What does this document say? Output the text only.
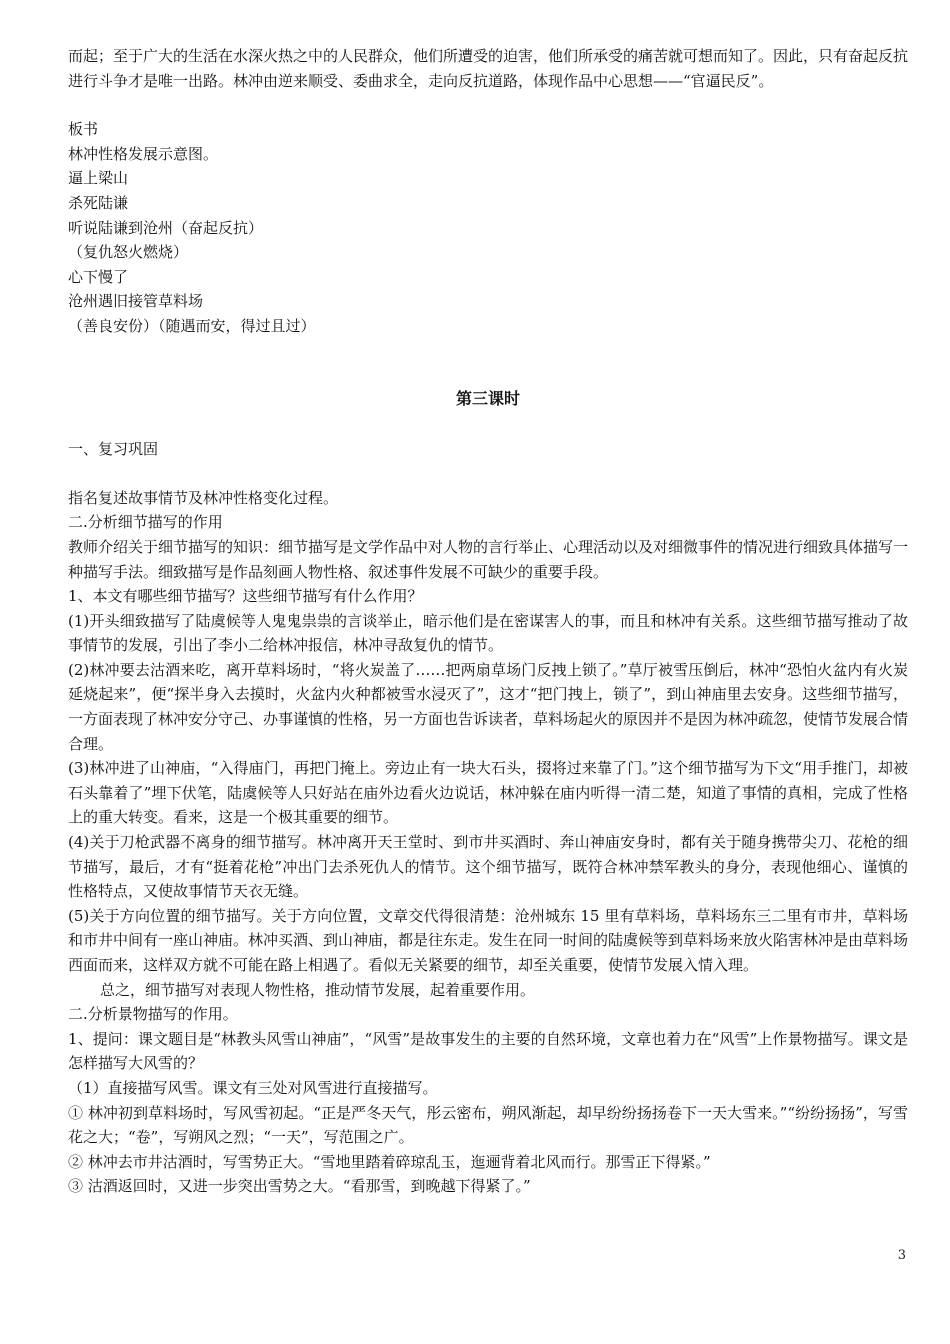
而起；至于广大的生活在水深火热之中的人民群众，他们所遭受的迫害，他们所承受的痛苦就可想而知了。因此，只有奋起反抗进行斗争才是唯一出路。林冲由逆来顺受、委曲求全，走向反抗道路，体现作品中心思想——“官逼民反”。

板书

林冲性格发展示意图。

逼上梁山

杀死陆谦

听说陆谦到沧州（奋起反抗）

（复仇怒火燃烧）

心下慢了

沧州遇旧接管草料场

（善良安份）（随遇而安，得过且过）

第三课时

一、复习巩固

指名复述故事情节及林冲性格变化过程。

二.分析细节描写的作用

教师介绍关于细节描写的知识：细节描写是文学作品中对人物的言行举止、心理活动以及对细微事件的情况进行细致具体描写一种描写手法。细致描写是作品刻画人物性格、叙述事件发展不可缺少的重要手段。

1、本文有哪些细节描写？这些细节描写有什么作用？

(1)开头细致描写了陆虞候等人鬼鬼祟祟的言谈举止，暗示他们是在密谋害人的事，而且和林冲有关系。这些细节描写推动了故事情节的发展，引出了李小二给林冲报信，林冲寻敌复仇的情节。

(2)林冲要去沽酒来吃，离开草料场时，“将火炭盖了……把两扇草场门反拽上锁了。”草厅被雪压倒后，林冲“恐怕火盆内有火炭延烧起来”，便“探半身入去摸时，火盆内火种都被雪水浸灭了”，这才“把门拽上，锁了”，到山神庙里去安身。这些细节描写，一方面表现了林冲安分守己、办事谨慎的性格，另一方面也告诉读者，草料场起火的原因并不是因为林冲疏忽，使情节发展合情合理。

(3)林冲进了山神庙，“入得庙门，再把门掩上。旁边止有一块大石头，掇将过来靠了门。”这个细节描写为下文“用手推门，却被石头靠着了”埋下伏笔，陆虞候等人只好站在庙外边看火边说话，林冲躲在庙内听得一清二楚，知道了事情的真相，完成了性格上的重大转变。看来，这是一个极其重要的细节。

(4)关于刀枪武器不离身的细节描写。林冲离开天王堂时、到市井买酒时、奔山神庙安身时，都有关于随身携带尖刀、花枪的细节描写，最后，才有“挺着花枪”冲出门去杀死仇人的情节。这个细节描写，既符合林冲禁军教头的身分，表现他细心、谨慎的性格特点，又使故事情节天衣无缝。

(5)关于方向位置的细节描写。关于方向位置，文章交代得很清楚：沧州城东 15 里有草料场，草料场东三二里有市井，草料场和市井中间有一座山神庙。林冲买酒、到山神庙，都是往东走。发生在同一时间的陆虞候等到草料场来放火陷害林冲是由草料场西面而来，这样双方就不可能在路上相遇了。看似无关紧要的细节，却至关重要，使情节发展入情入理。

总之，细节描写对表现人物性格，推动情节发展，起着重要作用。

二.分析景物描写的作用。

1、提问：课文题目是“林教头风雪山神庙”，“风雪”是故事发生的主要的自然环境，文章也着力在“风雪”上作景物描写。课文是怎样描写大风雪的？

（1）直接描写风雪。课文有三处对风雪进行直接描写。

① 林冲初到草料场时，写风雪初起。“正是严冬天气，彤云密布，朔风渐起，却早纷纷扬扬卷下一天大雪来。”“纷纷扬扬”，写雪花之大；“卷”，写朔风之烈；“一天”，写范围之广。

② 林冲去市井沽酒时，写雪势正大。“雪地里踏着碎琼乱玉，迤逦背着北风而行。那雪正下得紧。”

③ 沽酒返回时，又进一步突出雪势之大。“看那雪，到晚越下得紧了。”

3
